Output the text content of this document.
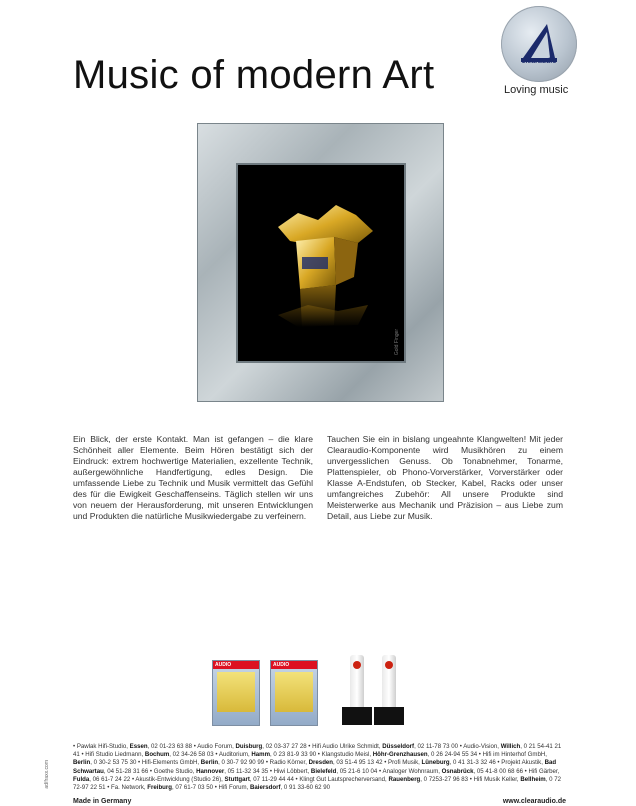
Music of modern Art	clearaudio
Loving music
Gold Finger
Ein Blick, der erste Kontakt. Man ist gefangen – die klare Schönheit aller Elemente. Beim Hören bestätigt sich der Eindruck: extrem hochwertige Materialien, exzellente Technik, außergewöhnliche Handfertigung, edles Design. Die umfassende Liebe zu Technik und Musik vermittelt das Gefühl des für die Ewigkeit Geschaffenseins. Täglich stellen wir uns von neuem der Herausforderung, mit unseren Entwicklungen und Produkten die natürliche Musikwiedergabe zu verfeinern.
Tauchen Sie ein in bislang ungeahnte Klangwelten! Mit jeder Clearaudio-Komponente wird Musikhören zu einem unvergesslichen Genuss. Ob Tonabnehmer, Tonarme, Plattenspieler, ob Phono-Vorverstärker, Vorverstärker oder Klasse A-Endstufen, ob Stecker, Kabel, Racks oder unser umfangreiches Zubehör: All unsere Produkte sind Meisterwerke aus Mechanik und Präzision – aus Liebe zum Detail, aus Liebe zur Musik.
AUDIO	AUDIO
• Pawlak Hifi-Studio, Essen, 02 01-23 63 88 • Audio Forum, Duisburg, 02 03-37 27 28 • Hifi Audio Ulrike Schmidt, Düsseldorf, 02 11-78 73 00 • Audio-Vision, Willich, 0 21 54-41 21 41 • Hifi Studio Liedmann, Bochum, 02 34-26 58 03 • Auditorium, Hamm, 0 23 81-9 33 90 • Klangstudio Meisl, Höhr-Grenzhausen, 0 26 24-94 55 34 • Hifi im Hinterhof GmbH, Berlin, 0 30-2 53 75 30 • Hifi-Elements GmbH, Berlin, 0 30-7 92 90 99 • Radio Körner, Dresden, 03 51-4 95 13 42 • Profi Musik, Lüneburg, 0 41 31-3 32 46 • Projekt Akustik, Bad Schwartau, 04 51-28 31 66 • Goethe Studio, Hannover, 05 11-32 34 35 • Hiwi Löbbert, Bielefeld, 05 21-6 10 04 • Analoger Wohnraum, Osnabrück, 05 41-8 00 68 66 • Hifi Gärber, Fulda, 06 61-7 24 22 • Akustik-Entwicklung (Studio 26), Stuttgart, 07 11-29 44 44 • Klingt Gut Lautsprecherversand, Rauenberg, 0 7253-27 96 83 • Hifi Musik Keller, Bellheim, 0 72 72-97 22 51 • Fa. Network, Freiburg, 07 61-7 03 50 • Hifi Forum, Baiersdorf, 0 91 33-60 62 90
ad/fraxx.com
Made in Germany	www.clearaudio.de
